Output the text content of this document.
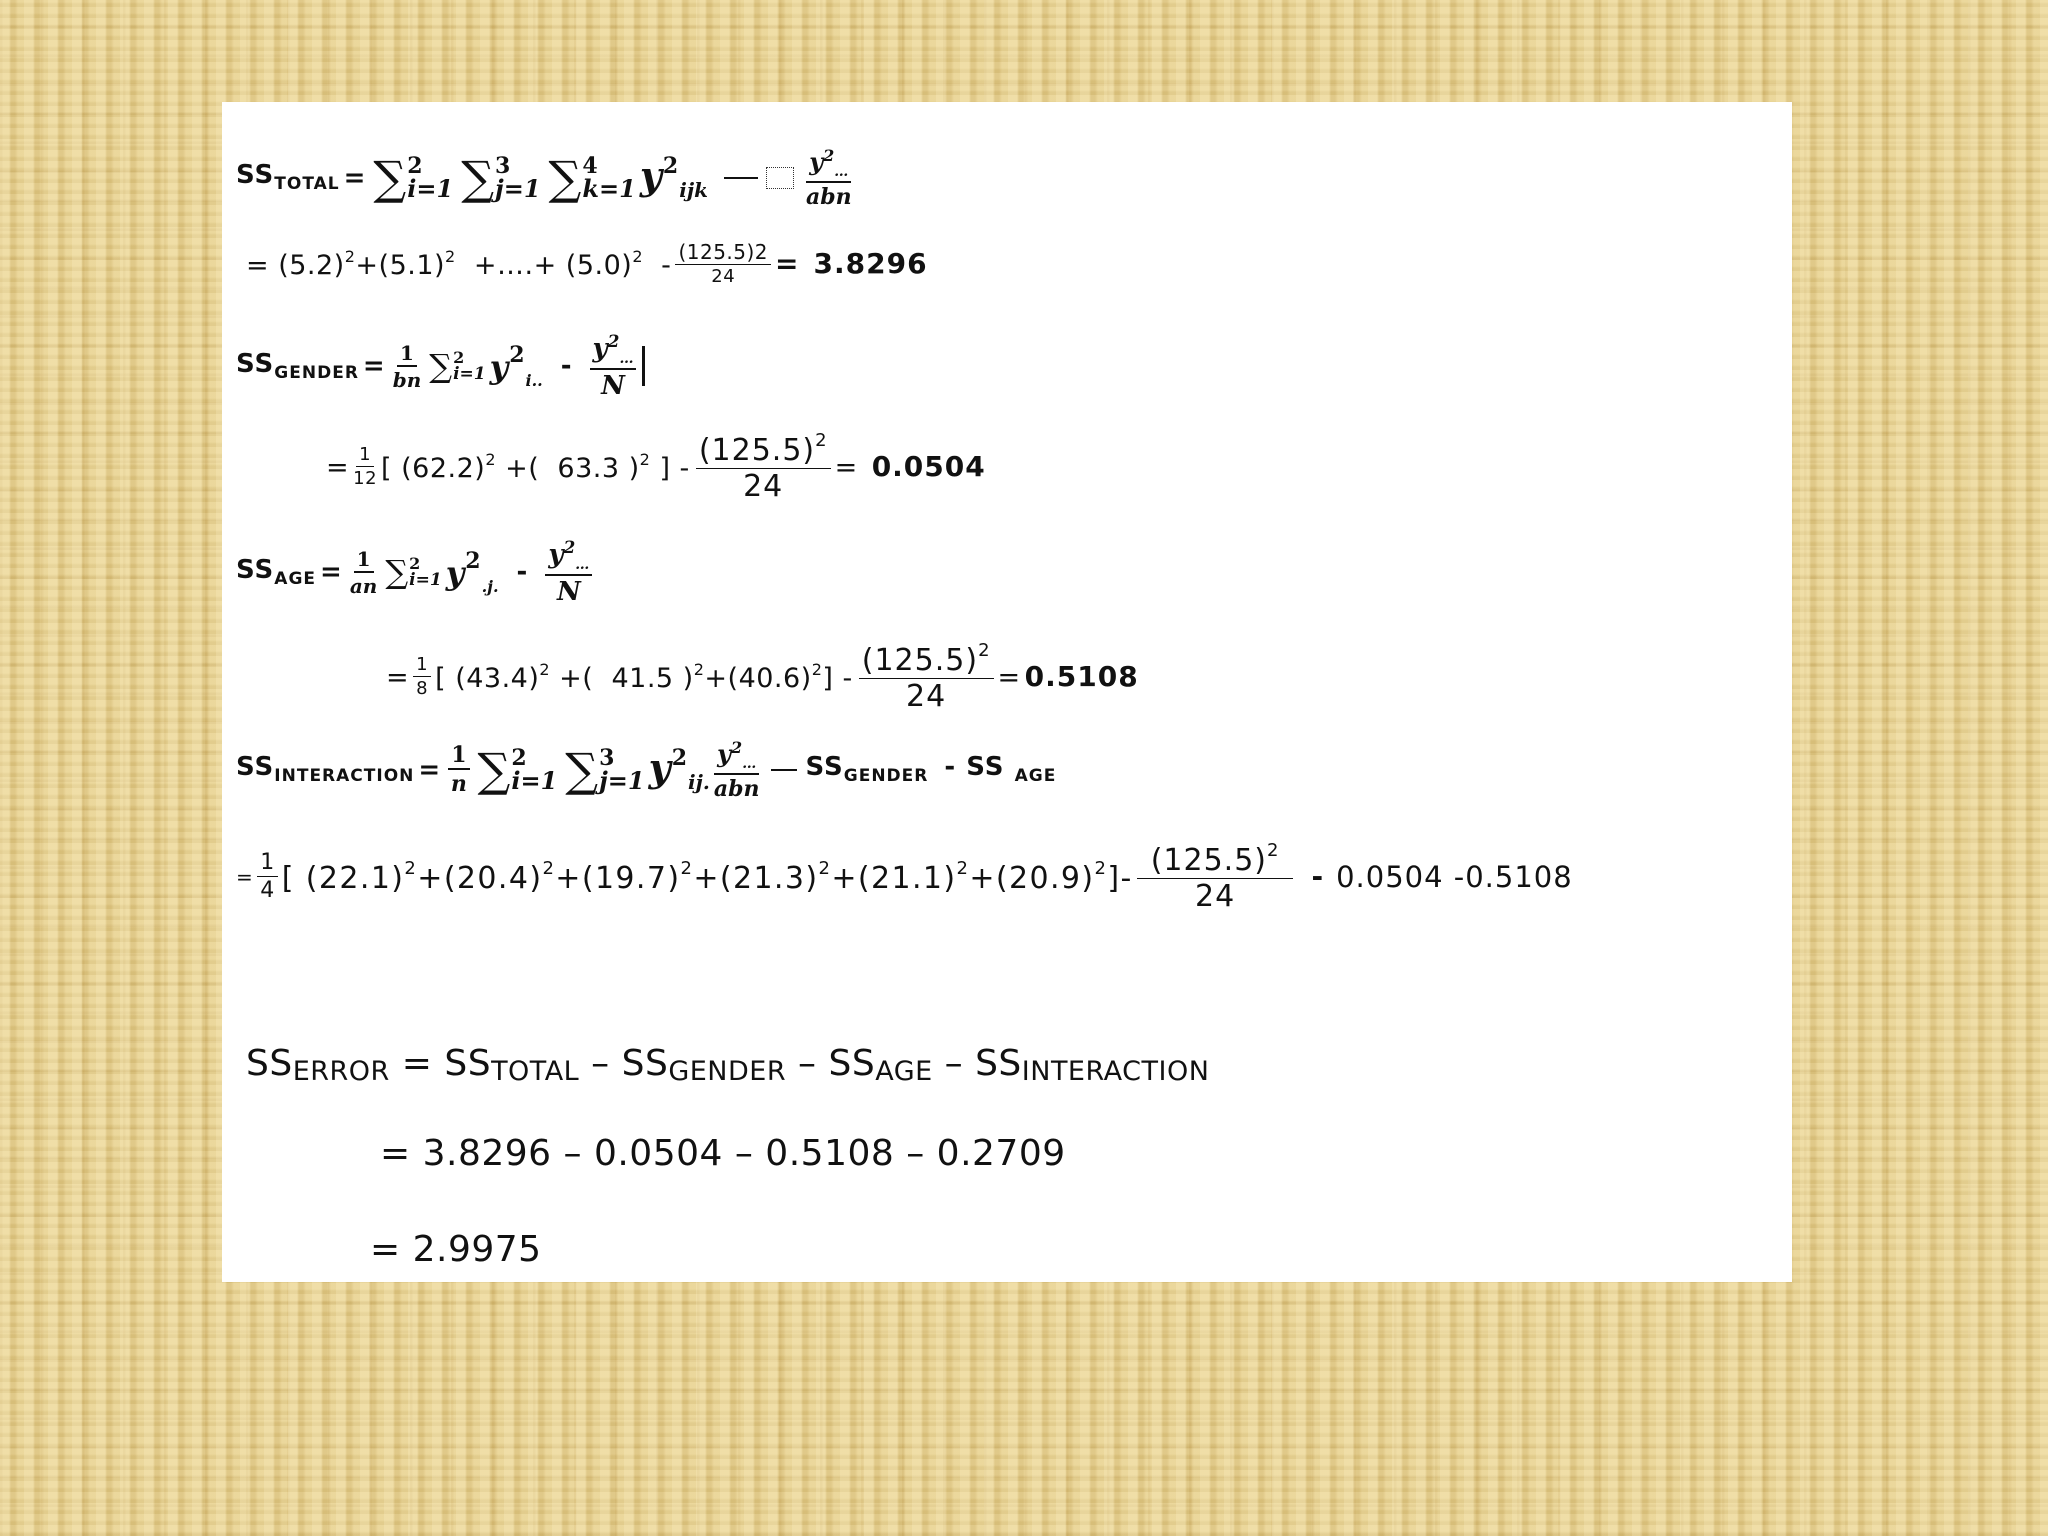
$SS_{TOTAL}$ = ∑ 2
i=1 ∑ 3
j=1 ∑ 4
k=1 $y^2_{ijk}$
$y^2_\dots$
abn
= $(5.2)^2+(5.1)^2$  +….+ $(5.0)^2 - \frac{(125.5)2}{24} = 3.8296$
$SS_{GENDER} = \frac{1}{bn}$ ∑ 2
i=1 $y^2_{i..}$ -
$y^2_\dots$
N
= $\frac{1}{12}$ [ $(62.2)^2$ +(  63.3 )$^2$ ] - $\frac{(125.5)^2}{24} = 0.0504$
$SS_{AGE} = \frac{1}{an}$ ∑ 2
i=1 $y^2_{.j.}$ -
$y^2_\dots$
N
= $\frac{1}{8}$ [ $(43.4)^2$ +(  41.5 )$^2+(40.6)^2] - \frac{(125.5)^2}{24} = 0.5108$
$SS_{INTERACTION} = \frac{1}{n}$ ∑ 2
i=1 ∑ 3
j=1 $y^2_{ij.}$
$y^2_\dots$
abn
$SS_{GENDER}$ - SS $_{AGE}$
= $\frac{1}{4}$ [ $(22.1)^2+(20.4)^2+(19.7)^2+(21.3)^2+(21.1)^2+(20.9)^2]-$
$(125.5)^2$
24
- 0.0504 -0.5108
SSERROR = SSTOTAL – SSGENDER – SSAGE – SSINTERACTION
= 3.8296 – 0.0504 – 0.5108 – 0.2709
= 2.9975
